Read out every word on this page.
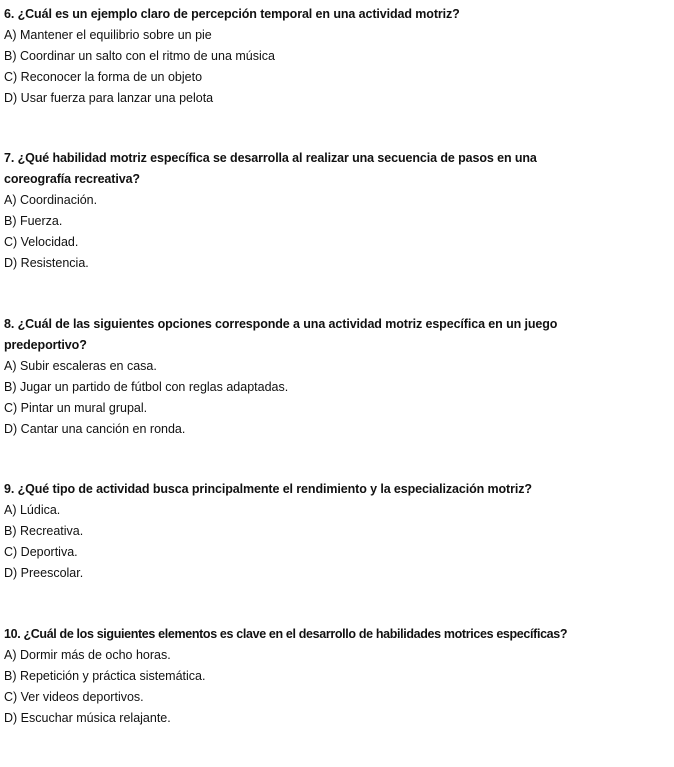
6. ¿Cuál es un ejemplo claro de percepción temporal en una actividad motriz?

A) Mantener el equilibrio sobre un pie

B) Coordinar un salto con el ritmo de una música

C) Reconocer la forma de un objeto

D) Usar fuerza para lanzar una pelota

7. ¿Qué habilidad motriz específica se desarrolla al realizar una secuencia de pasos en una coreografía recreativa?

A) Coordinación.

B) Fuerza.

C) Velocidad.

D) Resistencia.

8. ¿Cuál de las siguientes opciones corresponde a una actividad motriz específica en un juego predeportivo?

A) Subir escaleras en casa.

B) Jugar un partido de fútbol con reglas adaptadas.

C) Pintar un mural grupal.

D) Cantar una canción en ronda.

9. ¿Qué tipo de actividad busca principalmente el rendimiento y la especialización motriz?

A) Lúdica.

B) Recreativa.

C) Deportiva.

D) Preescolar.

10. ¿Cuál de los siguientes elementos es clave en el desarrollo de habilidades motrices específicas?

A) Dormir más de ocho horas.

B) Repetición y práctica sistemática.

C) Ver videos deportivos.

D) Escuchar música relajante.
